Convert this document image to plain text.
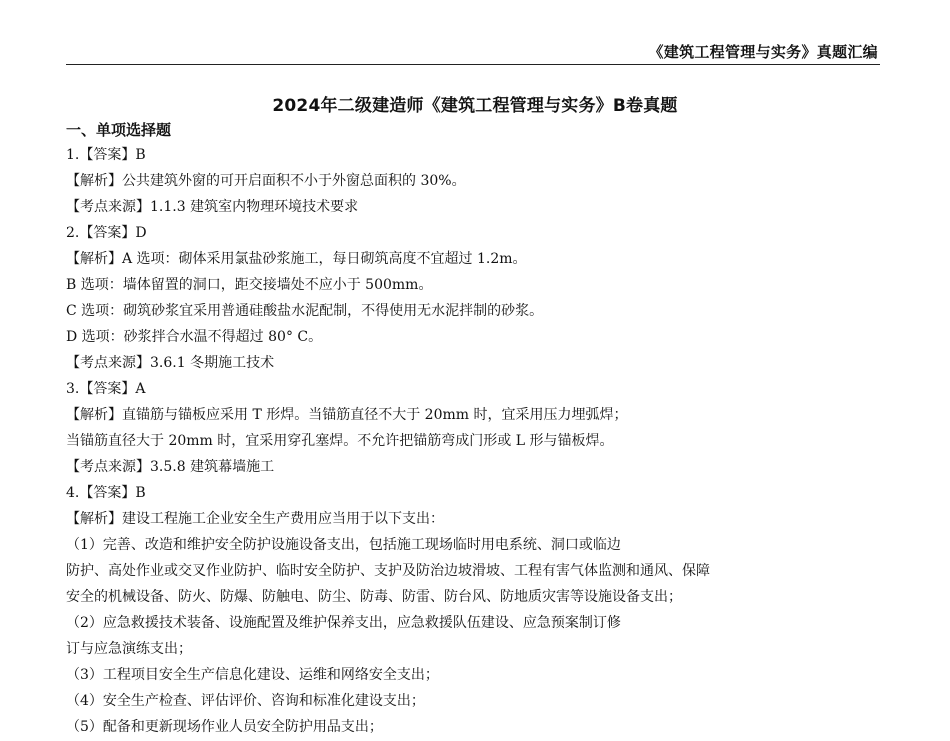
《建筑工程管理与实务》真题汇编
2024年二级建造师《建筑工程管理与实务》B卷真题
一、单项选择题
1.【答案】B
【解析】公共建筑外窗的可开启面积不小于外窗总面积的 30%。
【考点来源】1.1.3 建筑室内物理环境技术要求
2.【答案】D
【解析】A 选项：砌体采用氯盐砂浆施工，每日砌筑高度不宜超过 1.2m。
B 选项：墙体留置的洞口，距交接墙处不应小于 500mm。
C 选项：砌筑砂浆宜采用普通硅酸盐水泥配制，不得使用无水泥拌制的砂浆。
D 选项：砂浆拌合水温不得超过 80° C。
【考点来源】3.6.1 冬期施工技术
3.【答案】A
【解析】直锚筋与锚板应采用 T 形焊。当锚筋直径不大于 20mm 时，宜采用压力埋弧焊；
当锚筋直径大于 20mm 时，宜采用穿孔塞焊。不允许把锚筋弯成门形或 L 形与锚板焊。
【考点来源】3.5.8 建筑幕墙施工
4.【答案】B
【解析】建设工程施工企业安全生产费用应当用于以下支出：
（1）完善、改造和维护安全防护设施设备支出，包括施工现场临时用电系统、洞口或临边
防护、高处作业或交叉作业防护、临时安全防护、支护及防治边坡滑坡、工程有害气体监测和通风、保障
安全的机械设备、防火、防爆、防触电、防尘、防毒、防雷、防台风、防地质灾害等设施设备支出；
（2）应急救援技术装备、设施配置及维护保养支出，应急救援队伍建设、应急预案制订修
订与应急演练支出；
（3）工程项目安全生产信息化建设、运维和网络安全支出；
（4）安全生产检查、评估评价、咨询和标准化建设支出；
（5）配备和更新现场作业人员安全防护用品支出；
